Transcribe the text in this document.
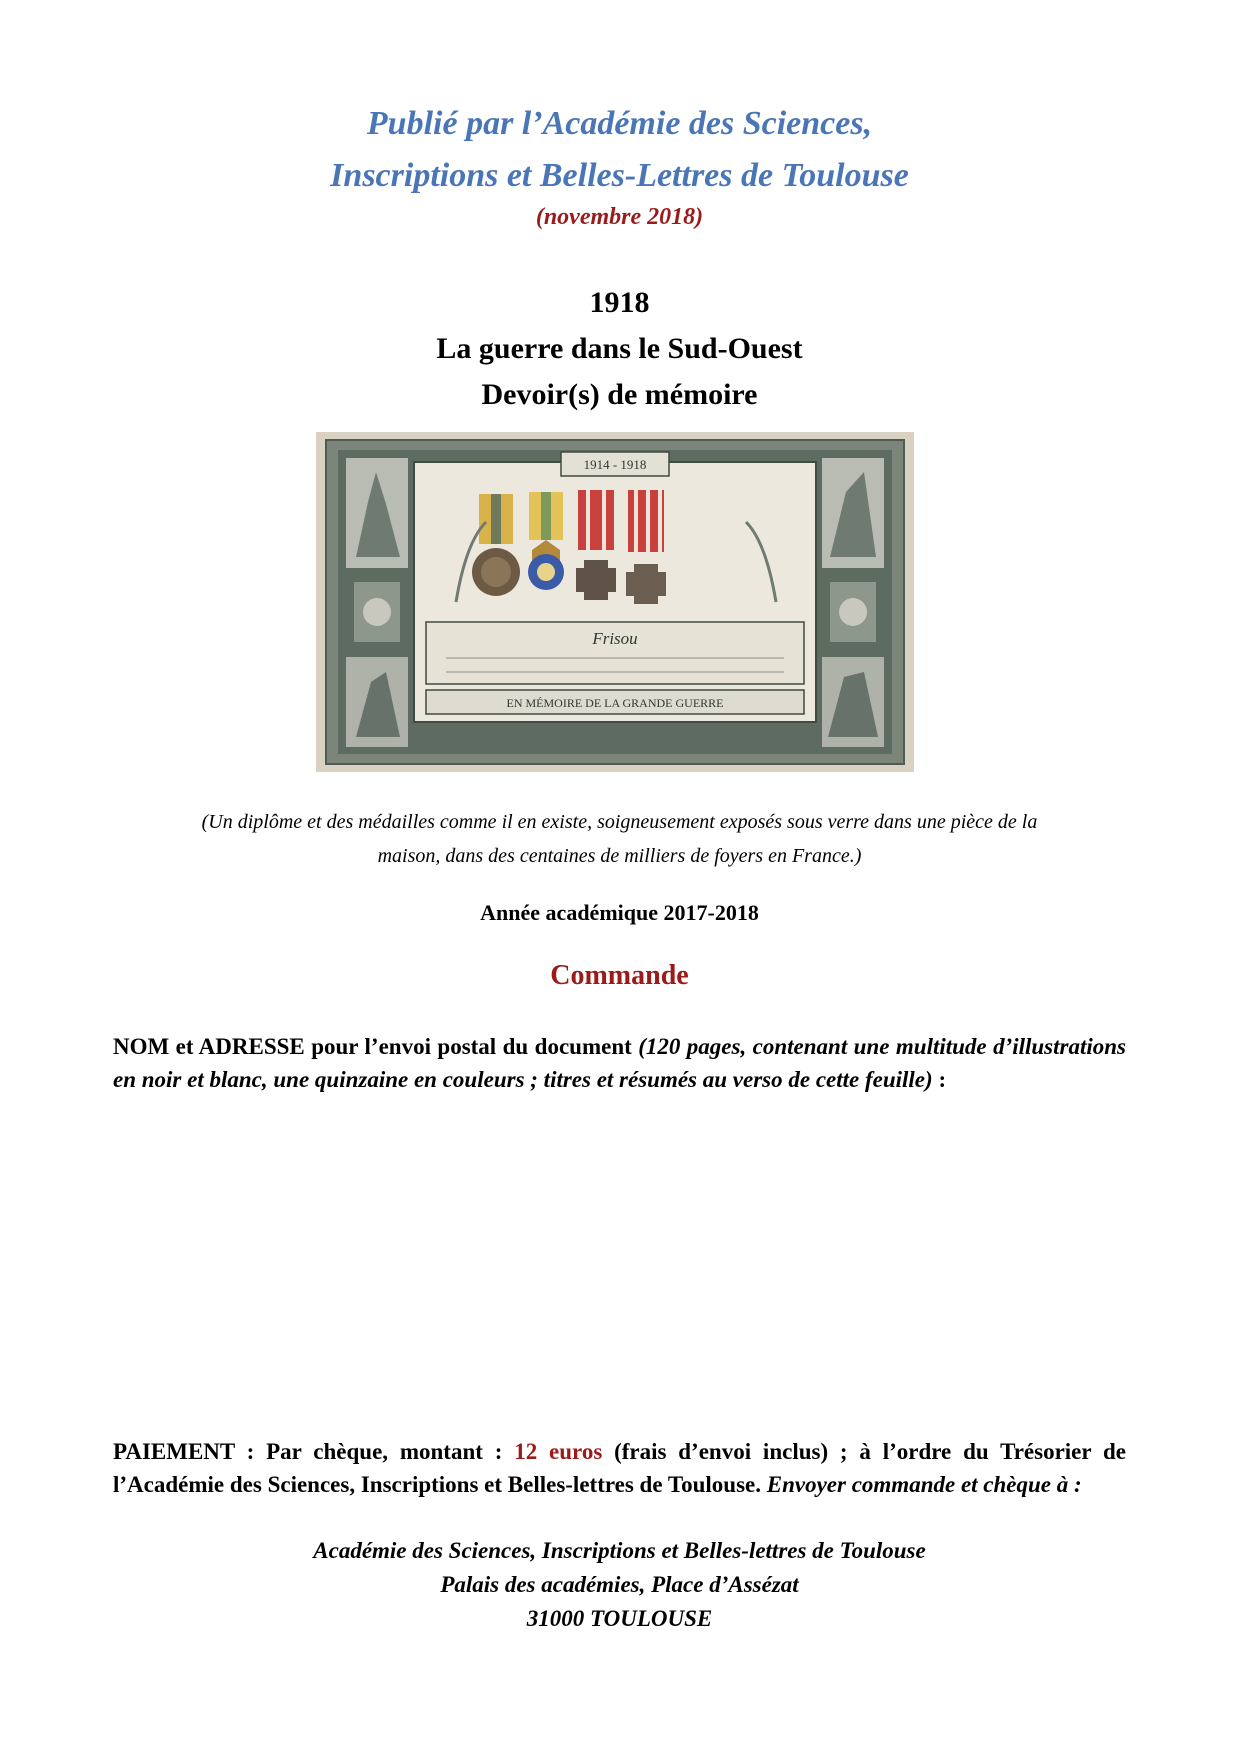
Publié par l’Académie des Sciences,
Inscriptions et Belles-Lettres de Toulouse
(novembre 2018)
1918
La guerre dans le Sud-Ouest
Devoir(s) de mémoire
1914 - 1918
Frisou
EN MÉMOIRE DE LA GRANDE GUERRE
(Un diplôme et des médailles comme il en existe, soigneusement exposés sous verre dans une pièce de la
maison, dans des centaines de milliers de foyers en France.)
Année académique 2017-2018
Commande
NOM et ADRESSE pour l’envoi postal du document (120 pages, contenant une multitude d’illustrations en noir et blanc, une quinzaine en couleurs ; titres et résumés au verso de cette feuille) :
PAIEMENT : Par chèque, montant : 12 euros (frais d’envoi inclus) ; à l’ordre du Trésorier de l’Académie des Sciences, Inscriptions et Belles-lettres de Toulouse. Envoyer commande et chèque à :
Académie des Sciences, Inscriptions et Belles-lettres de Toulouse
Palais des académies, Place d’Assézat
31000 TOULOUSE
